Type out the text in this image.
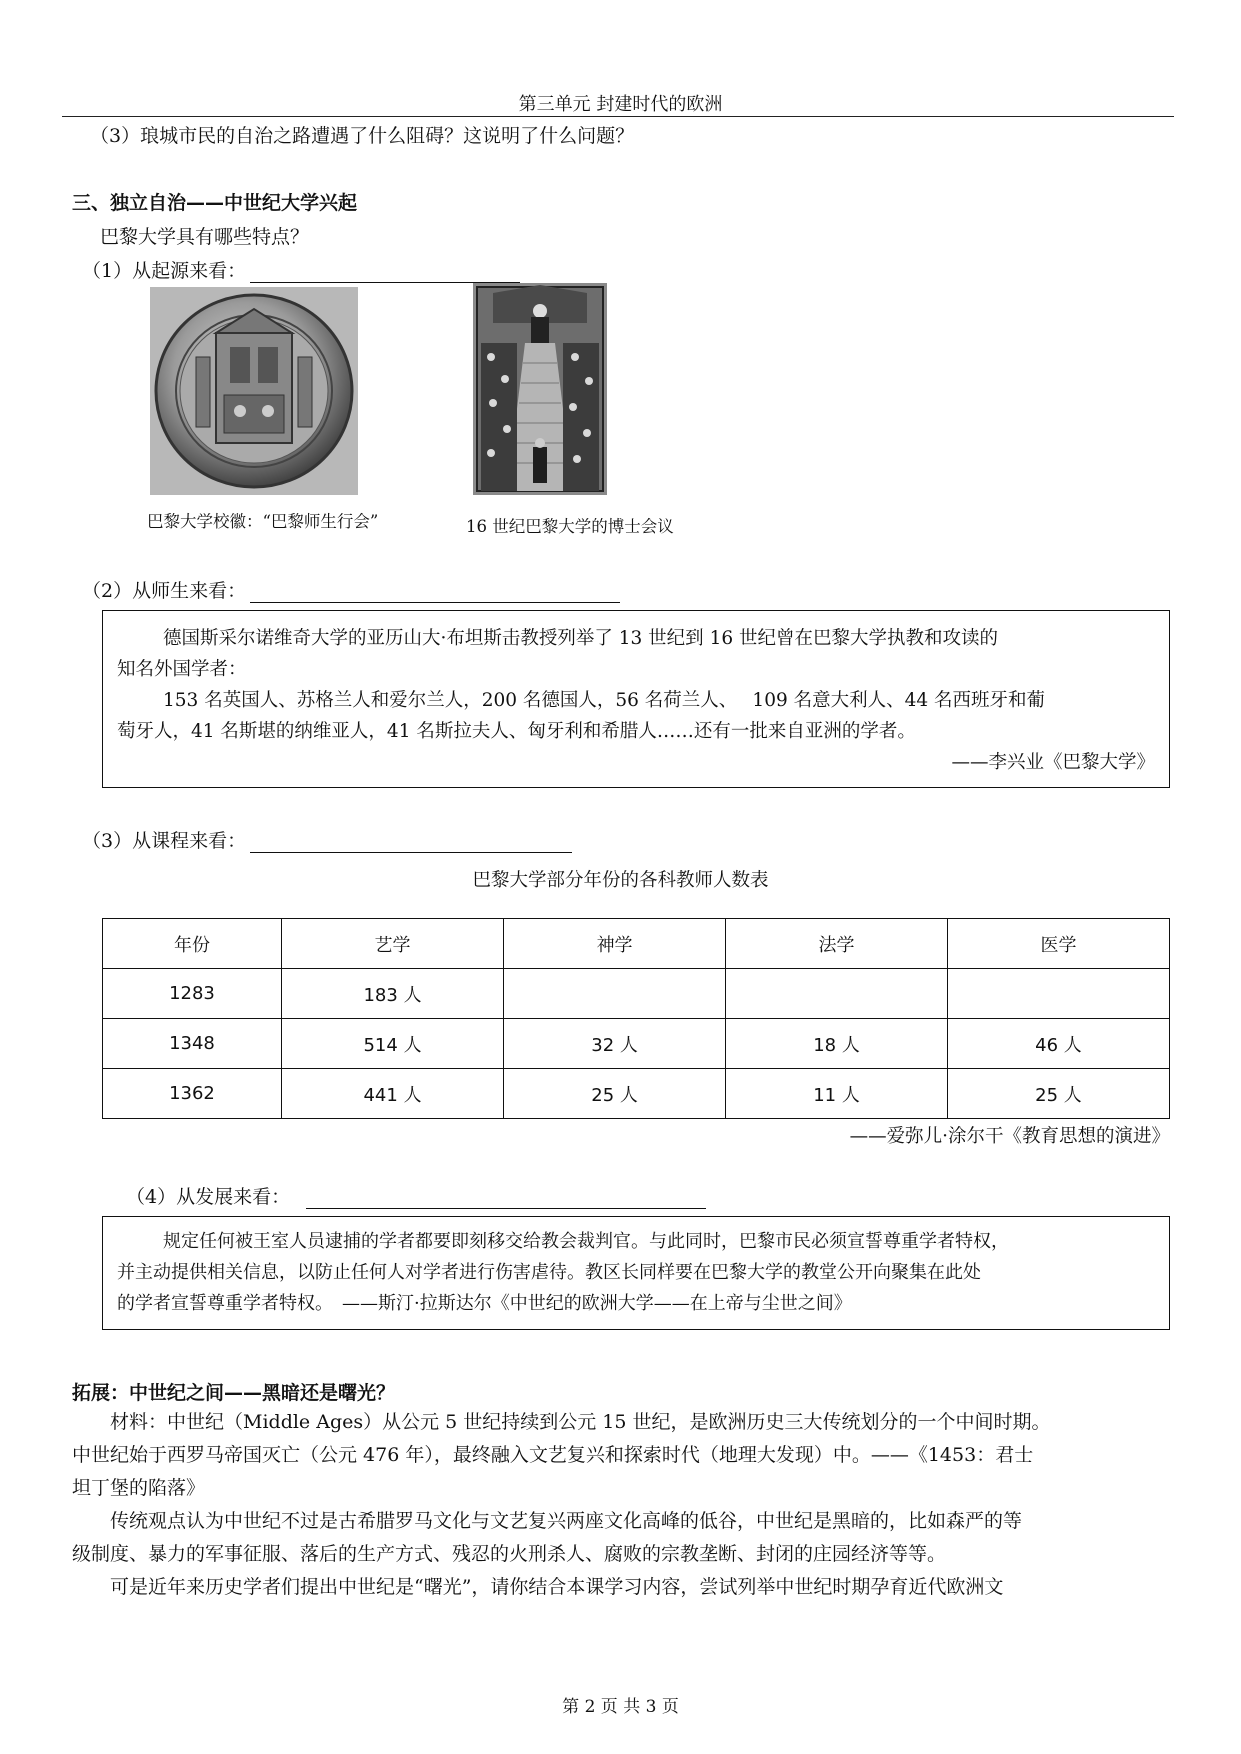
第三单元 封建时代的欧洲
（3）琅城市民的自治之路遭遇了什么阻碍？这说明了什么问题？
三、独立自治——中世纪大学兴起
巴黎大学具有哪些特点？
（1）从起源来看：
巴黎大学校徽：“巴黎师生行会”	16 世纪巴黎大学的博士会议
（2）从师生来看：

德国斯采尔诺维奇大学的亚历山大·布坦斯击教授列举了 13 世纪到 16 世纪曾在巴黎大学执教和攻读的

知名外国学者：

153 名英国人、苏格兰人和爱尔兰人，200 名德国人，56 名荷兰人、　 109 名意大利人、44 名西班牙和葡

萄牙人，41 名斯堪的纳维亚人，41 名斯拉夫人、匈牙利和希腊人……还有一批来自亚洲的学者。

——李兴业《巴黎大学》

（3）从课程来看：
巴黎大学部分年份的各科教师人数表
年份	艺学	神学	法学	医学
1283	183 人			
1348	514 人	32 人	18 人	46 人
1362	441 人	25 人	11 人	25 人
——爱弥儿·涂尔干《教育思想的演进》
（4）从发展来看：

规定任何被王室人员逮捕的学者都要即刻移交给教会裁判官。与此同时，巴黎市民必须宣誓尊重学者特权，

并主动提供相关信息，以防止任何人对学者进行伤害虐待。教区长同样要在巴黎大学的教堂公开向聚集在此处

的学者宣誓尊重学者特权。　——斯汀·拉斯达尔《中世纪的欧洲大学——在上帝与尘世之间》

拓展：中世纪之间——黑暗还是曙光？
材料：中世纪（Middle Ages）从公元 5 世纪持续到公元 15 世纪，是欧洲历史三大传统划分的一个中间时期。
中世纪始于西罗马帝国灭亡（公元 476 年），最终融入文艺复兴和探索时代（地理大发现）中。——《1453：君士
坦丁堡的陷落》
传统观点认为中世纪不过是古希腊罗马文化与文艺复兴两座文化高峰的低谷，中世纪是黑暗的，比如森严的等
级制度、暴力的军事征服、落后的生产方式、残忍的火刑杀人、腐败的宗教垄断、封闭的庄园经济等等。
可是近年来历史学者们提出中世纪是“曙光”，请你结合本课学习内容，尝试列举中世纪时期孕育近代欧洲文
第 2 页 共 3 页
